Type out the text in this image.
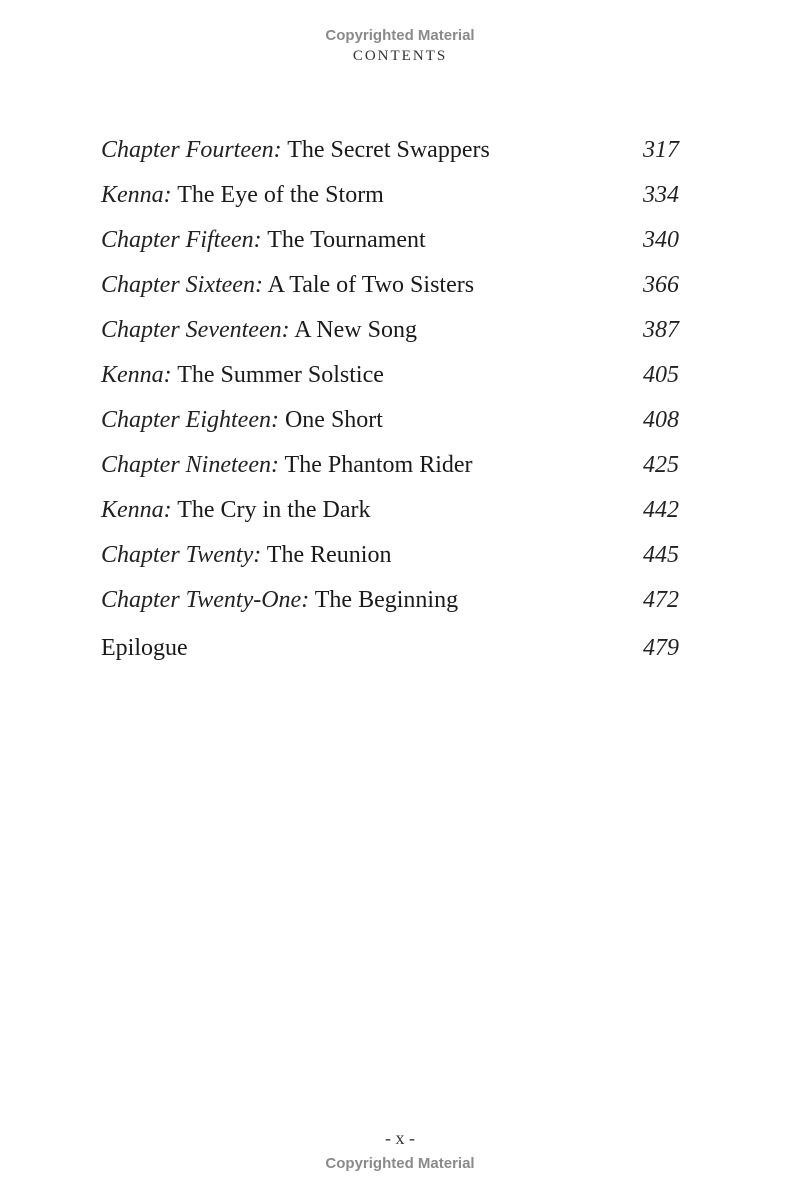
Copyrighted Material
CONTENTS
Chapter Fourteen: The Secret Swappers	317
Kenna: The Eye of the Storm	334
Chapter Fifteen: The Tournament	340
Chapter Sixteen: A Tale of Two Sisters	366
Chapter Seventeen: A New Song	387
Kenna: The Summer Solstice	405
Chapter Eighteen: One Short	408
Chapter Nineteen: The Phantom Rider	425
Kenna: The Cry in the Dark	442
Chapter Twenty: The Reunion	445
Chapter Twenty-One: The Beginning	472
Epilogue	479
- x -
Copyrighted Material
